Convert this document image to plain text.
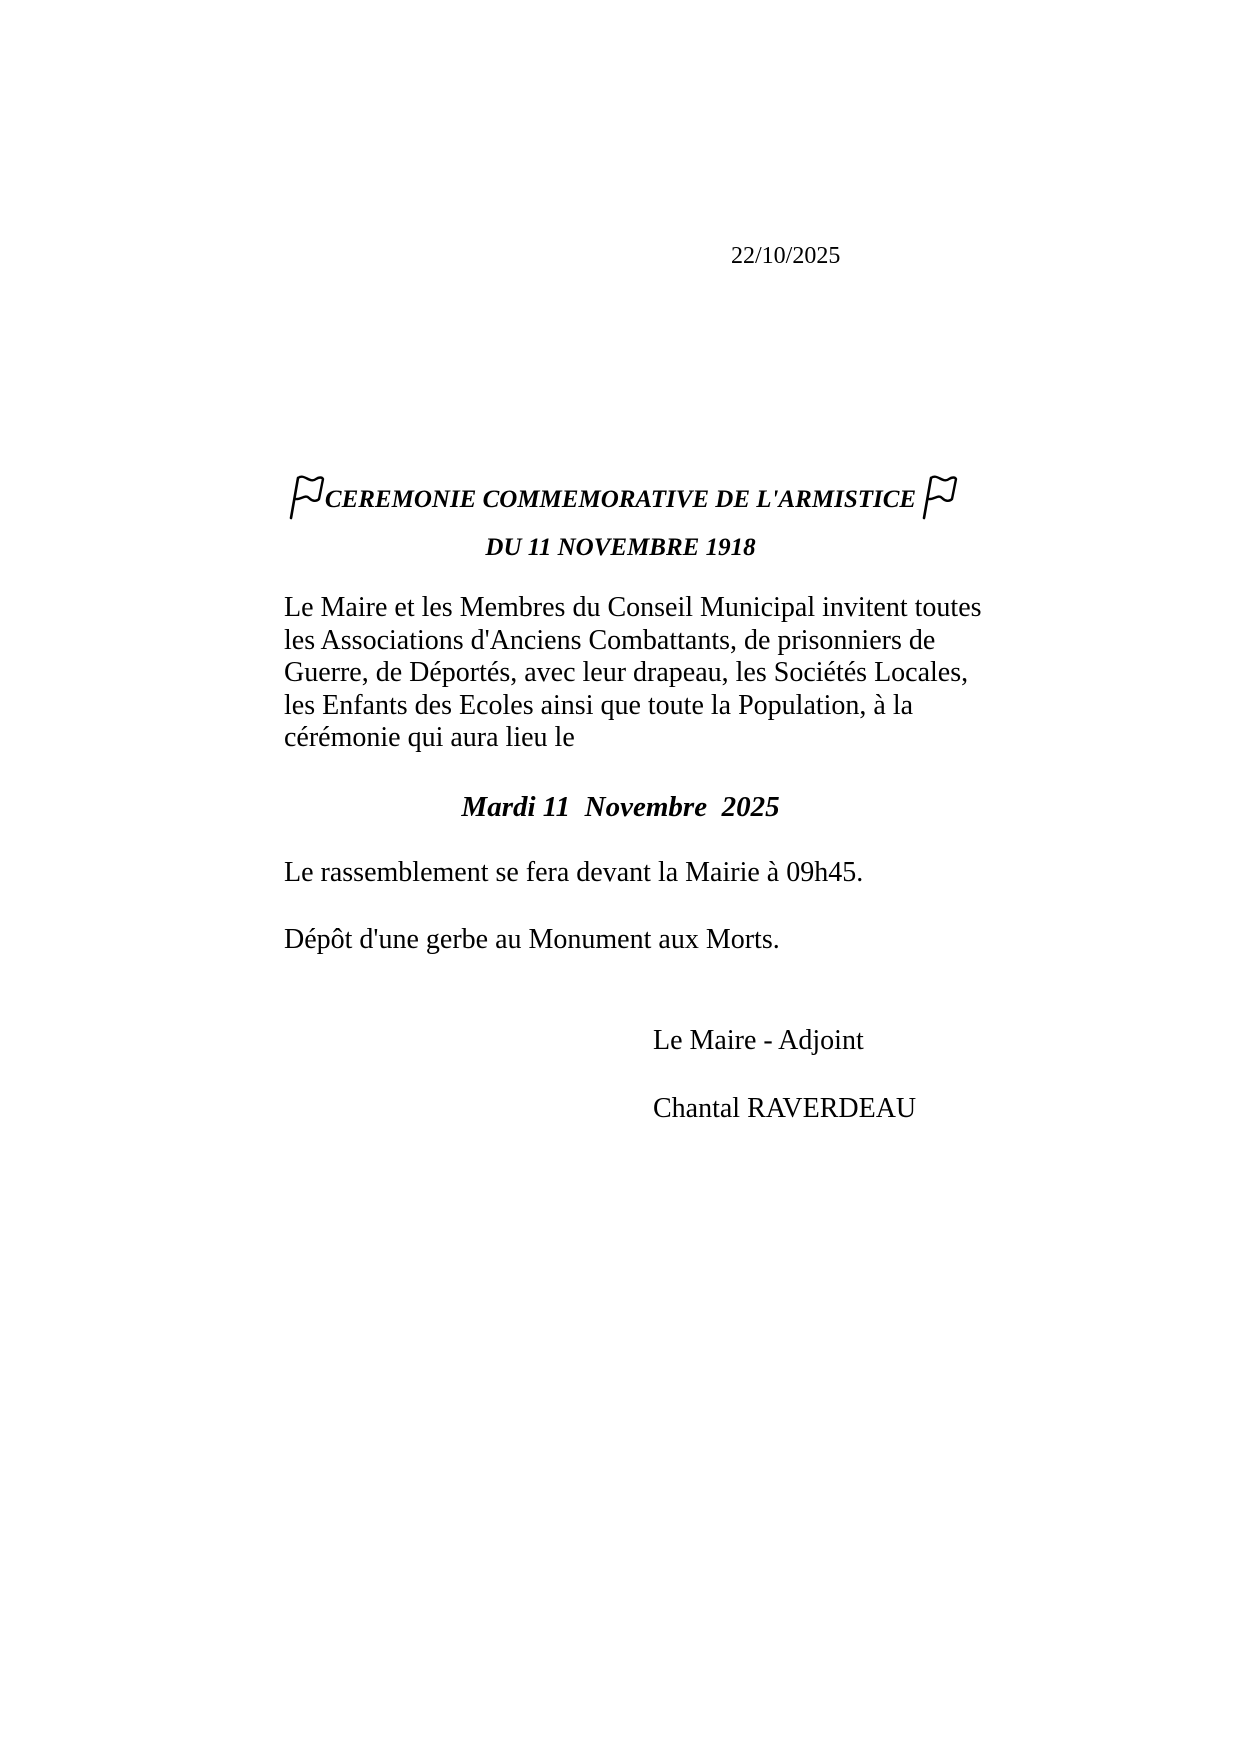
22/10/2025
CEREMONIE COMMEMORATIVE DE L'ARMISTICE
DU 11 NOVEMBRE 1918
Le Maire et les Membres du Conseil Municipal invitent toutes
les Associations d'Anciens Combattants, de prisonniers de
Guerre, de Déportés, avec leur drapeau, les Sociétés Locales,
les Enfants des Ecoles ainsi que toute la Population, à la
cérémonie qui aura lieu le
Mardi 11  Novembre  2025
Le rassemblement se fera devant la Mairie à 09h45.
Dépôt d'une gerbe au Monument aux Morts.
Le Maire - Adjoint
Chantal RAVERDEAU
